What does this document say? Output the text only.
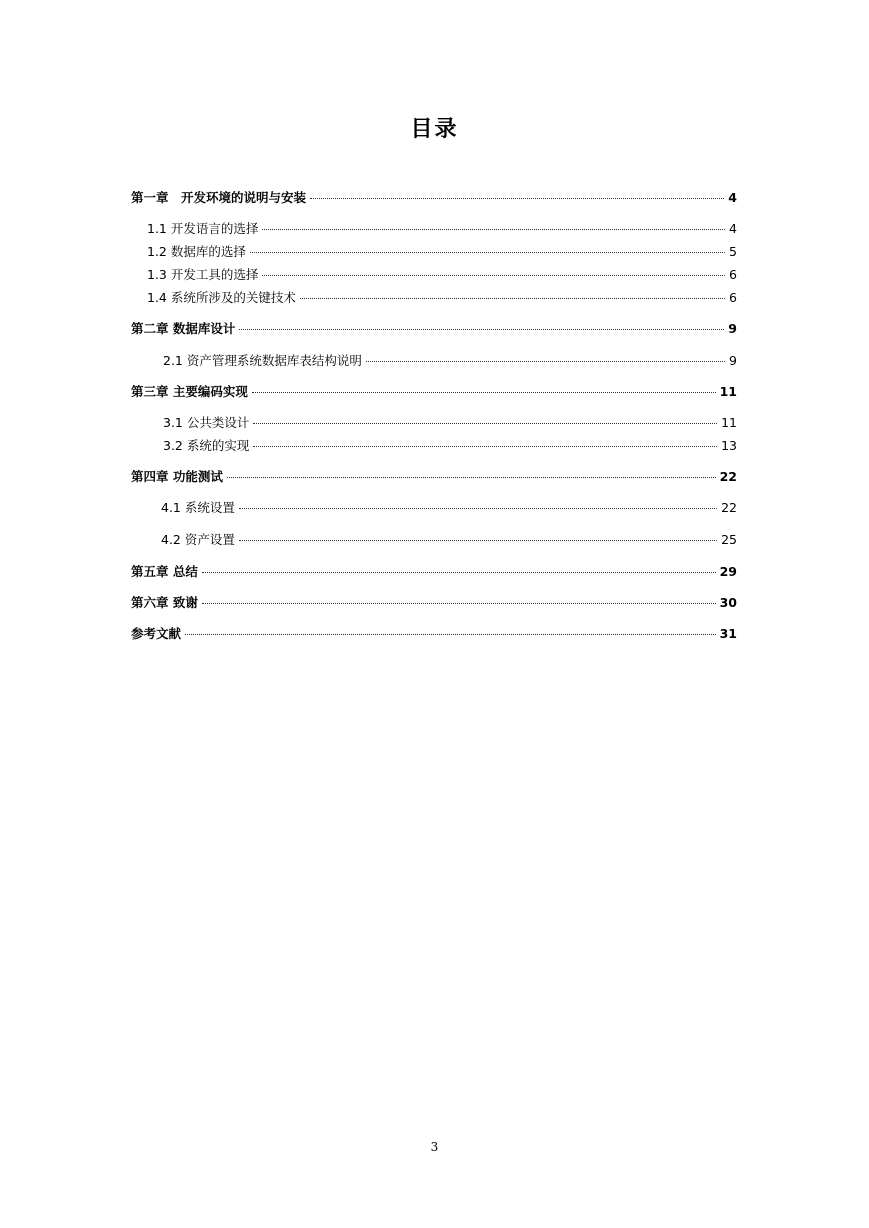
目录
第一章　开发环境的说明与安装	4
1.1 开发语言的选择	4
1.2 数据库的选择	5
1.3 开发工具的选择	6
1.4 系统所涉及的关键技术	6
第二章 数据库设计	9
2.1 资产管理系统数据库表结构说明	9
第三章 主要编码实现	11
3.1 公共类设计	11
3.2 系统的实现	13
第四章 功能测试	22
4.1 系统设置	22
4.2 资产设置	25
第五章 总结	29
第六章 致谢	30
参考文献	31
3
